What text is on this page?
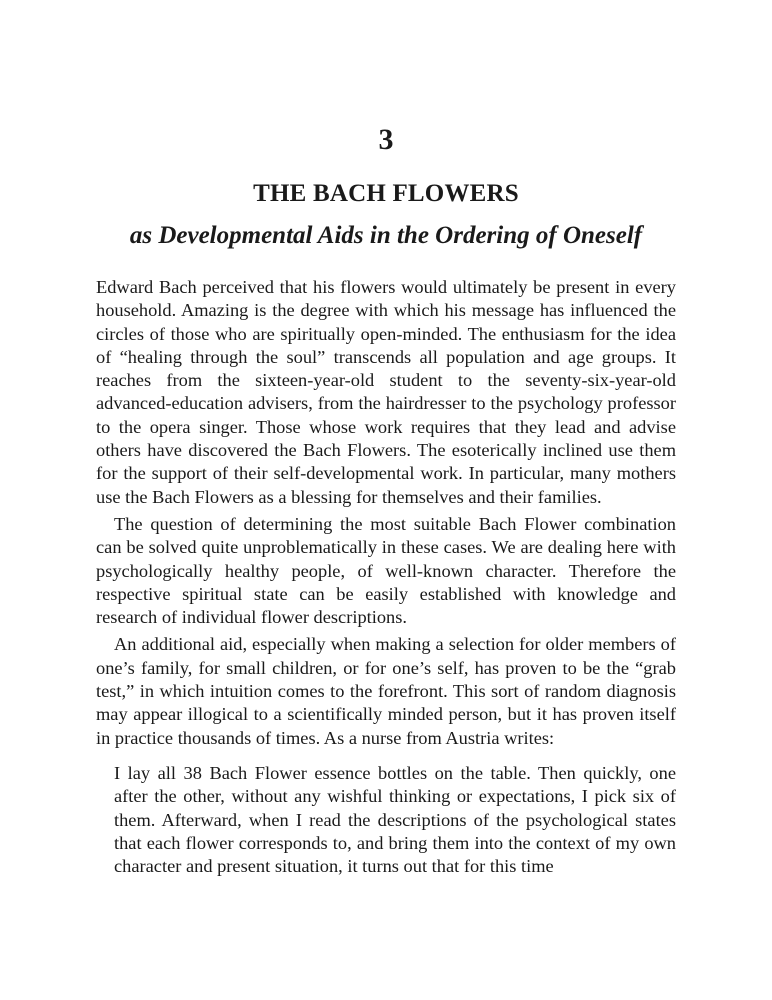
3
THE BACH FLOWERS
as Developmental Aids in the Ordering of Oneself

Edward Bach perceived that his flowers would ultimately be present in every household. Amazing is the degree with which his message has influenced the circles of those who are spiritually open-minded. The enthusiasm for the idea of “healing through the soul” transcends all population and age groups. It reaches from the sixteen-year-old student to the seventy-six-year-old advanced-education advisers, from the hairdresser to the psychology professor to the opera singer. Those whose work requires that they lead and advise others have discovered the Bach Flowers. The esoterically inclined use them for the support of their self-developmental work. In particular, many mothers use the Bach Flowers as a blessing for themselves and their families.

The question of determining the most suitable Bach Flower combination can be solved quite unproblematically in these cases. We are dealing here with psychologically healthy people, of well-known character. Therefore the respective spiritual state can be easily established with knowledge and research of individual flower descriptions.

An additional aid, especially when making a selection for older members of one’s family, for small children, or for one’s self, has proven to be the “grab test,” in which intuition comes to the forefront. This sort of random diagnosis may appear illogical to a scientifically minded person, but it has proven itself in practice thousands of times. As a nurse from Austria writes:

I lay all 38 Bach Flower essence bottles on the table. Then quickly, one after the other, without any wishful thinking or expectations, I pick six of them. Afterward, when I read the descriptions of the psychological states that each flower corresponds to, and bring them into the context of my own character and present situation, it turns out that for this time
